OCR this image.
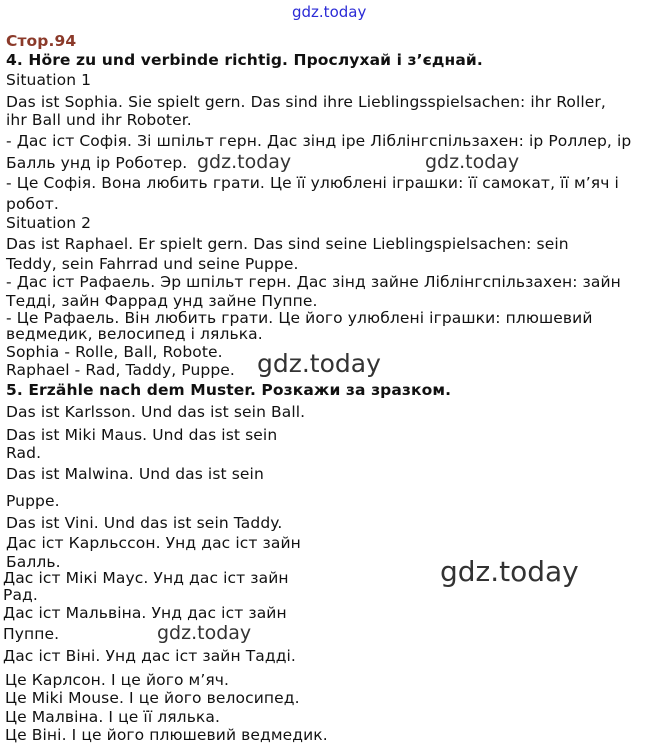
gdz.today
gdz.today	gdz.today
gdz.today
gdz.today
gdz.today
Стор.94
4. Höre zu und verbinde richtig. Прослухай і з’єднай.
Situation 1
Das ist Sophia. Sie spielt gern. Das sind ihre Lieblingsspielsachen: ihr Roller,
ihr Ball und ihr Roboter.
- Дас іст Софія. Зі шпільт герн. Дас зінд іре Ліблінгспільзахен: ір Роллер, ір
Балль унд ір Роботер.
- Це Софія. Вона любить грати. Це її улюблені іграшки: її самокат, її м’яч і
робот.
Situation 2
Das ist Raphael. Er spielt gern. Das sind seine Lieblingspielsachen: sein
Teddy, sein Fahrrad und seine Puppe.
- Дас іст Рафаель. Эр шпільт герн. Дас зінд зайне Ліблінгспільзахен: зайн
Тедді, зайн Фаррад унд зайне Пуппе.
- Це Рафаель. Він любить грати. Це його улюблені іграшки: плюшевий
ведмедик, велосипед і лялька.
Sophia - Rolle, Ball, Robote.
Raphael - Rad, Taddy, Puppe.
5. Erzähle nach dem Muster. Розкажи за зразком.
Das ist Karlsson. Und das ist sein Ball.
Das ist Miki Maus. Und das ist sein
Rad.
Das ist Malwina. Und das ist sein
Puppe.
Das ist Vini. Und das ist sein Taddy.
Дас іст Карльссон. Унд дас іст зайн
Балль.
Дас іст Мікі Маус. Унд дас іст зайн
Рад.
Дас іст Мальвіна. Унд дас іст зайн
Пуппе.
Дас іст Віні. Унд дас іст зайн Тадді.
Це Карлсон. І це його м’яч.
Це Miki Mouse. І це його велосипед.
Це Малвіна. І це її лялька.
Це Віні. І це його плюшевий ведмедик.
